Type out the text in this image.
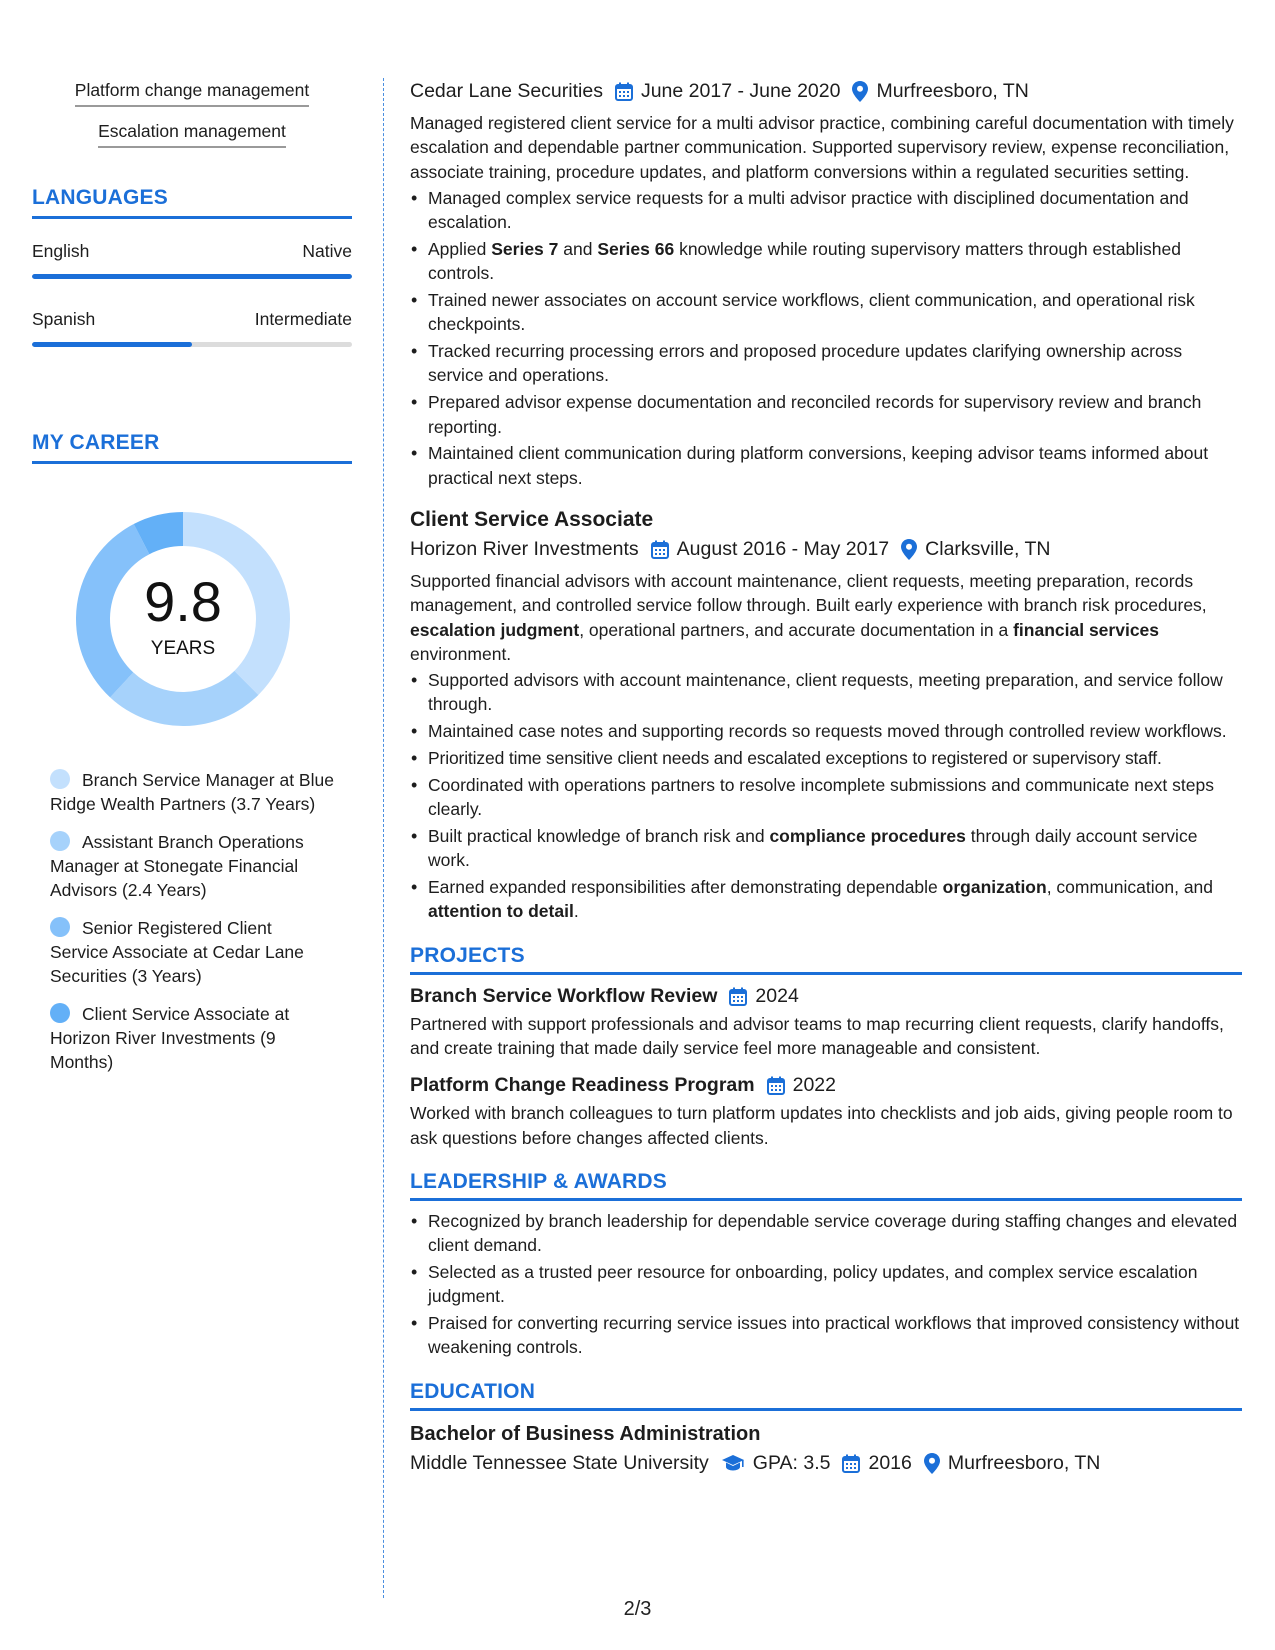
Platform change management
Escalation management
LANGUAGES
English	Native
Spanish	Intermediate
MY CAREER
9.8
YEARS
Branch Service Manager at Blue Ridge Wealth Partners (3.7 Years)
Assistant Branch Operations Manager at Stonegate Financial Advisors (2.4 Years)
Senior Registered Client Service Associate at Cedar Lane Securities (3 Years)
Client Service Associate at Horizon River Investments (9 Months)
Cedar Lane Securities June 2017 - June 2020 Murfreesboro, TN
Managed registered client service for a multi advisor practice, combining careful documentation with timely escalation and dependable partner communication. Supported supervisory review, expense reconciliation, associate training, procedure updates, and platform conversions within a regulated securities setting.
• Managed complex service requests for a multi advisor practice with disciplined documentation and escalation.
• Applied Series 7 and Series 66 knowledge while routing supervisory matters through established controls.
• Trained newer associates on account service workflows, client communication, and operational risk checkpoints.
• Tracked recurring processing errors and proposed procedure updates clarifying ownership across service and operations.
• Prepared advisor expense documentation and reconciled records for supervisory review and branch reporting.
• Maintained client communication during platform conversions, keeping advisor teams informed about practical next steps.
Client Service Associate
Horizon River Investments August 2016 - May 2017 Clarksville, TN
Supported financial advisors with account maintenance, client requests, meeting preparation, records management, and controlled service follow through. Built early experience with branch risk procedures, escalation judgment, operational partners, and accurate documentation in a financial services environment.
• Supported advisors with account maintenance, client requests, meeting preparation, and service follow through.
• Maintained case notes and supporting records so requests moved through controlled review workflows.
• Prioritized time sensitive client needs and escalated exceptions to registered or supervisory staff.
• Coordinated with operations partners to resolve incomplete submissions and communicate next steps clearly.
• Built practical knowledge of branch risk and compliance procedures through daily account service work.
• Earned expanded responsibilities after demonstrating dependable organization, communication, and attention to detail.
PROJECTS
Branch Service Workflow Review 2024
Partnered with support professionals and advisor teams to map recurring client requests, clarify handoffs, and create training that made daily service feel more manageable and consistent.
Platform Change Readiness Program 2022
Worked with branch colleagues to turn platform updates into checklists and job aids, giving people room to ask questions before changes affected clients.
LEADERSHIP & AWARDS
• Recognized by branch leadership for dependable service coverage during staffing changes and elevated client demand.
• Selected as a trusted peer resource for onboarding, policy updates, and complex service escalation judgment.
• Praised for converting recurring service issues into practical workflows that improved consistency without weakening controls.
EDUCATION
Bachelor of Business Administration
Middle Tennessee State University GPA: 3.5 2016 Murfreesboro, TN
2/3
